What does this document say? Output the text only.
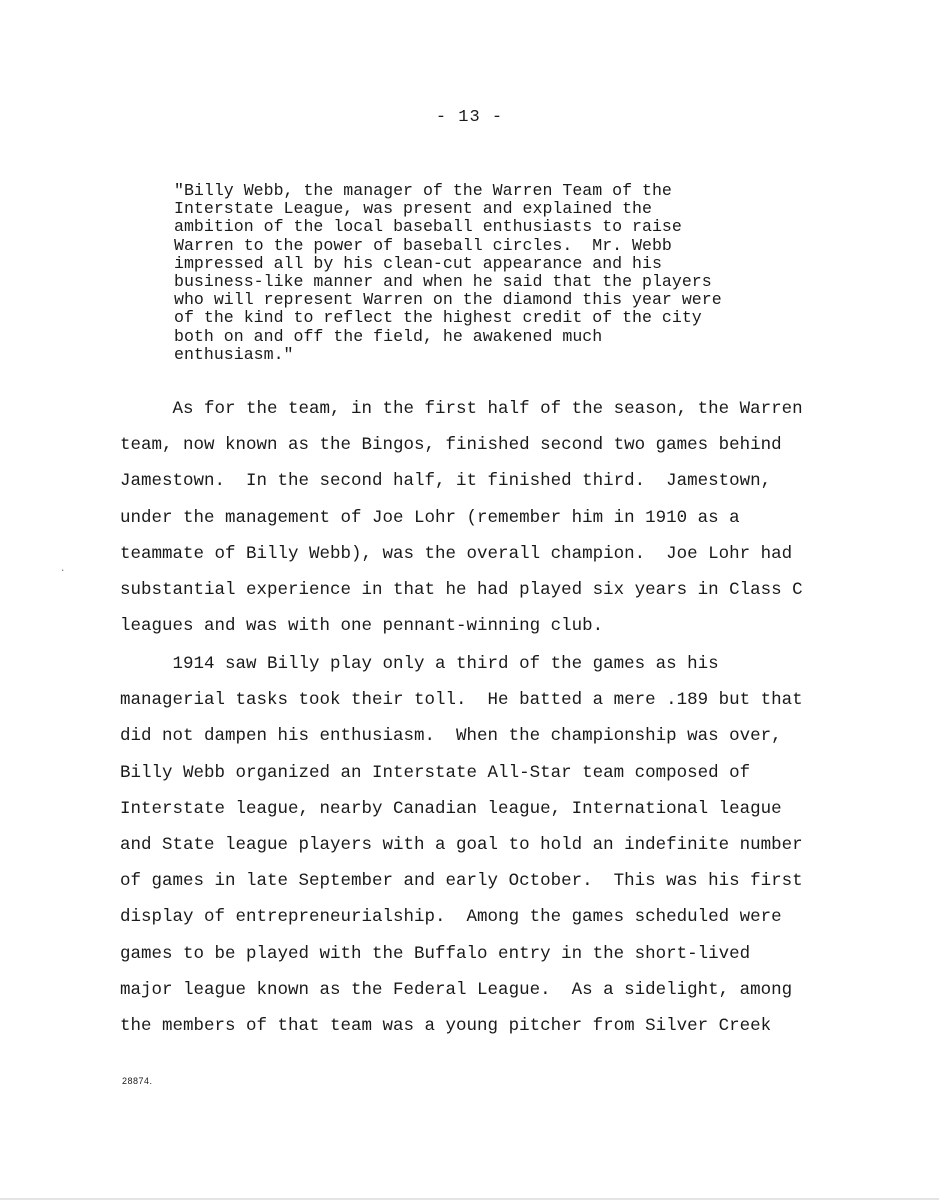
- 13 -
"Billy Webb, the manager of the Warren Team of the
Interstate League, was present and explained the
ambition of the local baseball enthusiasts to raise
Warren to the power of baseball circles.  Mr. Webb
impressed all by his clean-cut appearance and his
business-like manner and when he said that the players
who will represent Warren on the diamond this year were
of the kind to reflect the highest credit of the city
both on and off the field, he awakened much
enthusiasm."
As for the team, in the first half of the season, the Warren
team, now known as the Bingos, finished second two games behind
Jamestown.  In the second half, it finished third.  Jamestown,
under the management of Joe Lohr (remember him in 1910 as a
teammate of Billy Webb), was the overall champion.  Joe Lohr had
substantial experience in that he had played six years in Class C
leagues and was with one pennant-winning club.
1914 saw Billy play only a third of the games as his
managerial tasks took their toll.  He batted a mere .189 but that
did not dampen his enthusiasm.  When the championship was over,
Billy Webb organized an Interstate All-Star team composed of
Interstate league, nearby Canadian league, International league
and State league players with a goal to hold an indefinite number
of games in late September and early October.  This was his first
display of entrepreneurialship.  Among the games scheduled were
games to be played with the Buffalo entry in the short-lived
major league known as the Federal League.  As a sidelight, among
the members of that team was a young pitcher from Silver Creek
·
28874.
